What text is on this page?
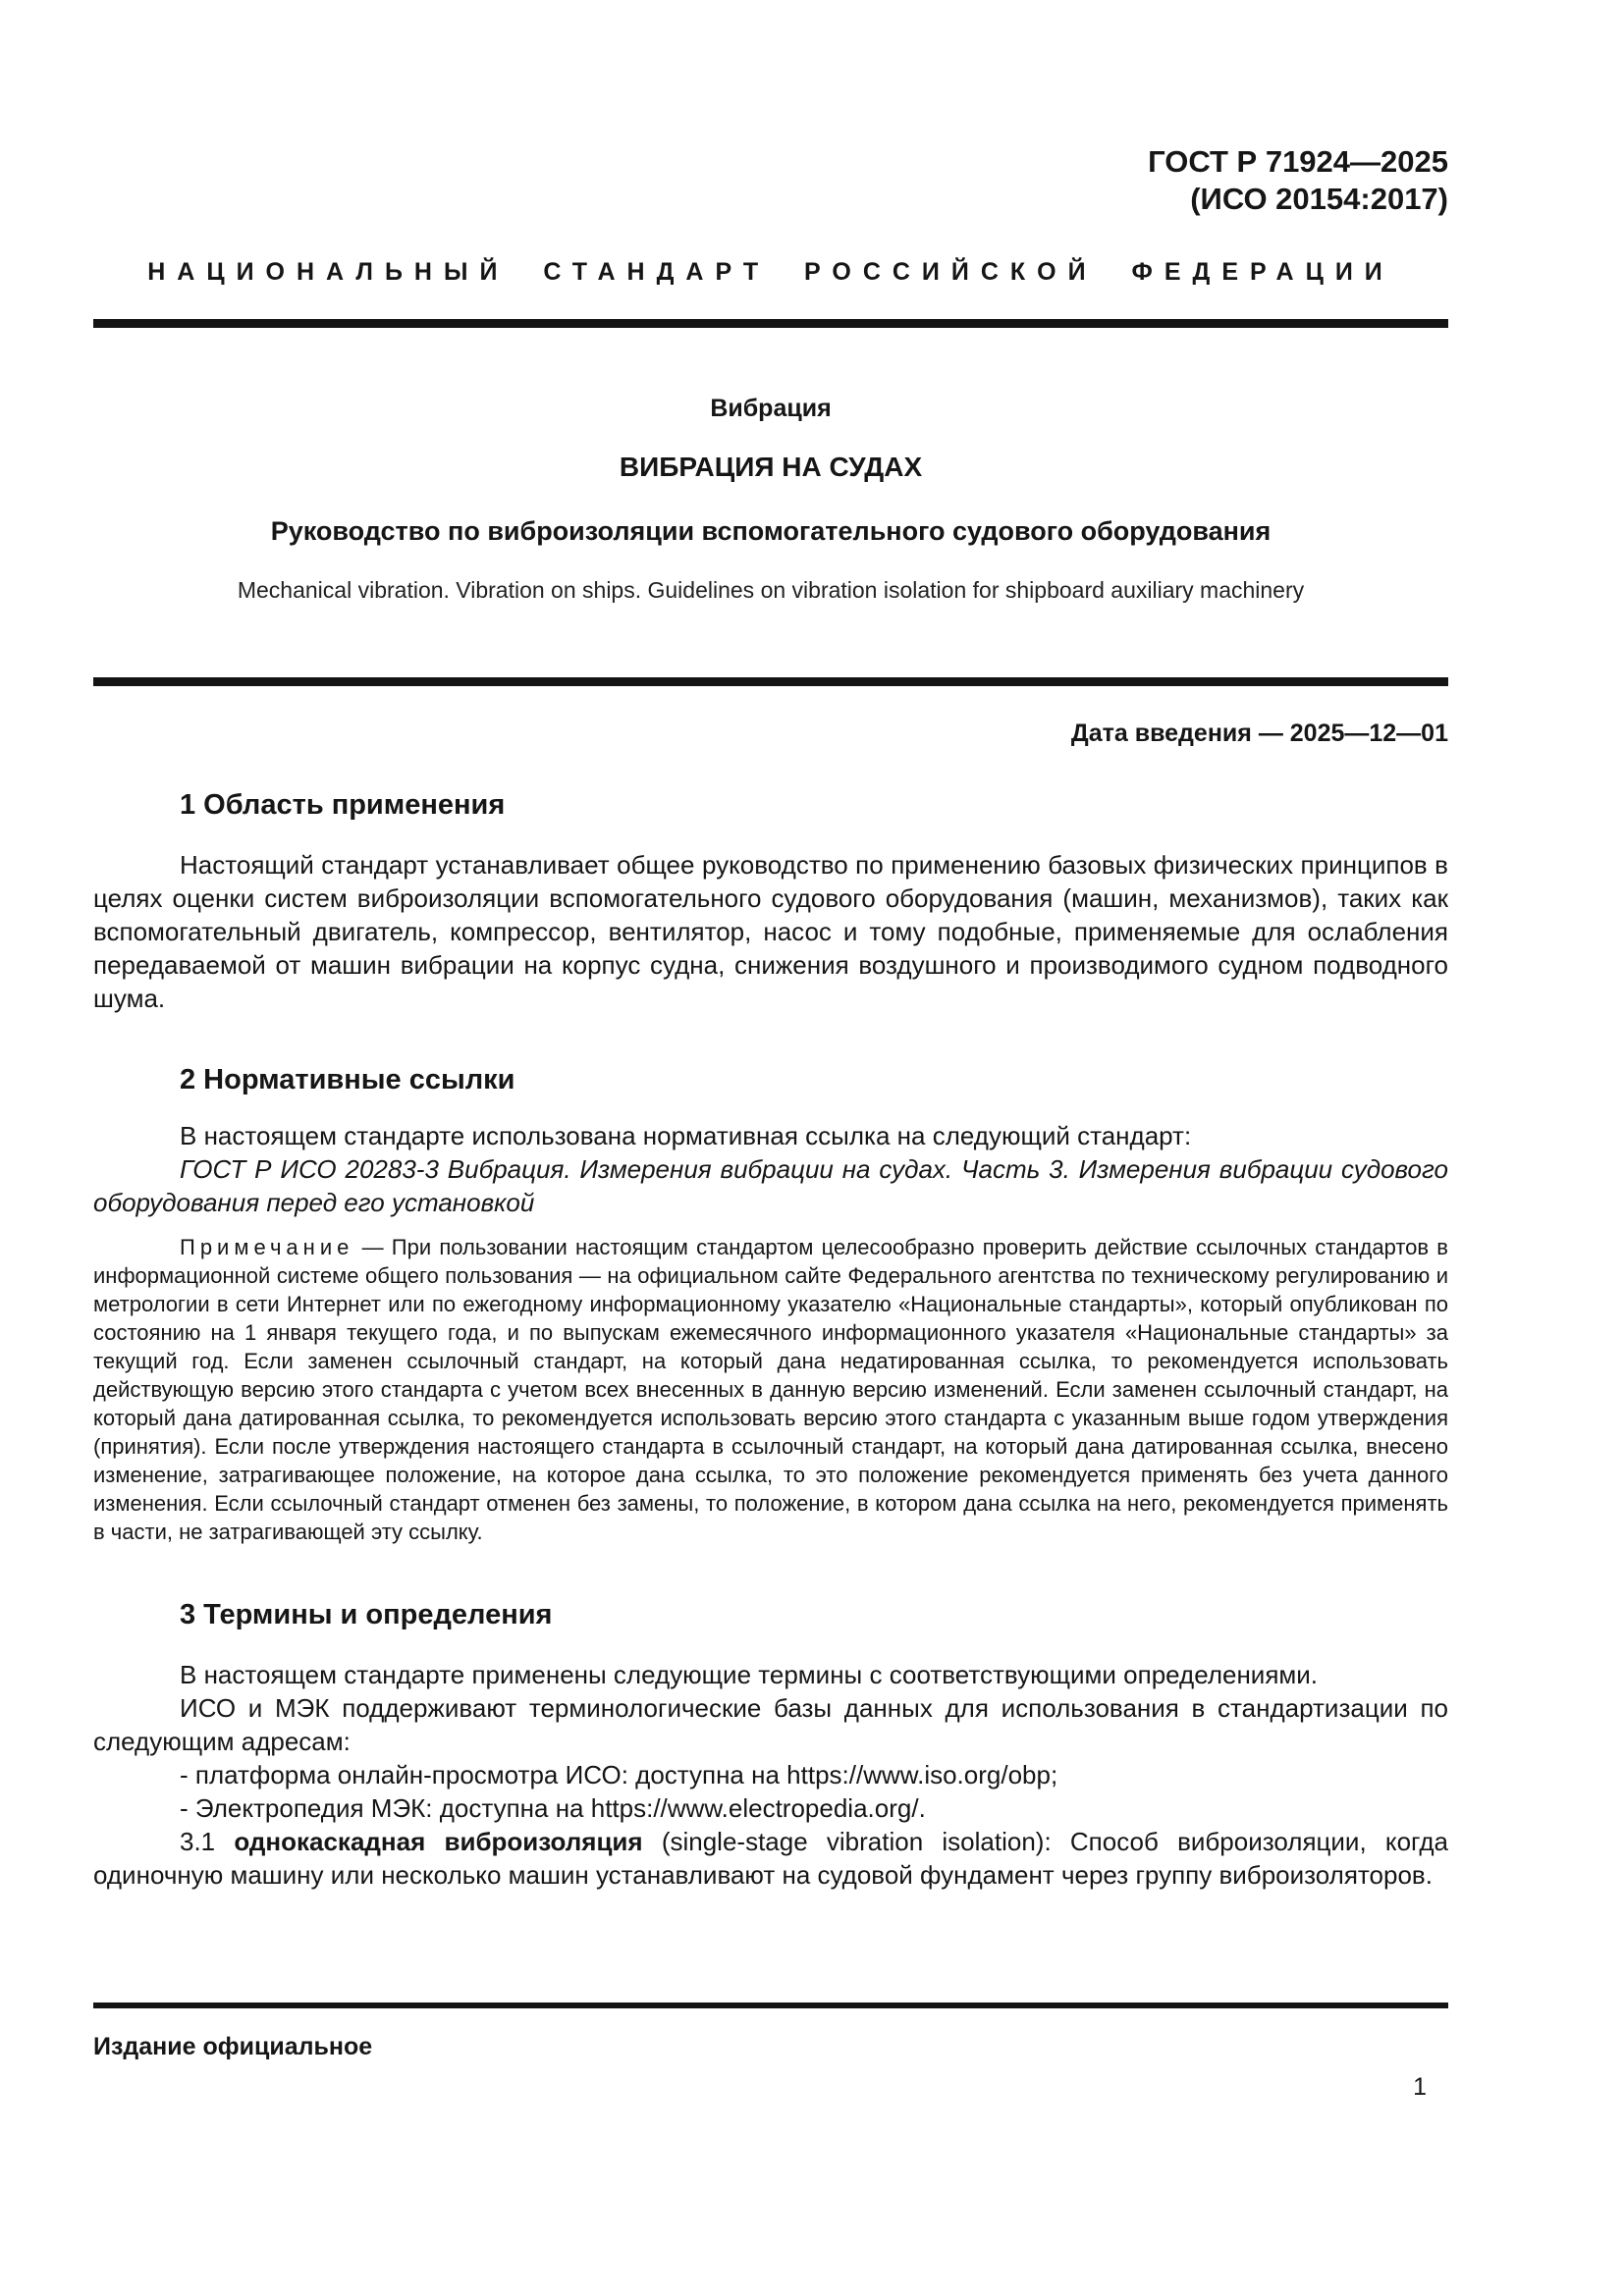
ГОСТ Р 71924—2025
(ИСО 20154:2017)
НАЦИОНАЛЬНЫЙ СТАНДАРТ РОССИЙСКОЙ ФЕДЕРАЦИИ
Вибрация
ВИБРАЦИЯ НА СУДАХ
Руководство по виброизоляции вспомогательного судового оборудования
Mechanical vibration. Vibration on ships. Guidelines on vibration isolation for shipboard auxiliary machinery
Дата введения — 2025—12—01
1 Область применения

Настоящий стандарт устанавливает общее руководство по применению базовых физических принципов в целях оценки систем виброизоляции вспомогательного судового оборудования (машин, механизмов), таких как вспомогательный двигатель, компрессор, вентилятор, насос и тому подобные, применяемые для ослабления передаваемой от машин вибрации на корпус судна, снижения воздушного и производимого судном подводного шума.

2 Нормативные ссылки

В настоящем стандарте использована нормативная ссылка на следующий стандарт:

ГОСТ Р ИСО 20283-3 Вибрация. Измерения вибрации на судах. Часть 3. Измерения вибрации судового оборудования перед его установкой

Примечание — При пользовании настоящим стандартом целесообразно проверить действие ссылочных стандартов в информационной системе общего пользования — на официальном сайте Федерального агентства по техническому регулированию и метрологии в сети Интернет или по ежегодному информационному указателю «Национальные стандарты», который опубликован по состоянию на 1 января текущего года, и по выпускам ежемесячного информационного указателя «Национальные стандарты» за текущий год. Если заменен ссылочный стандарт, на который дана недатированная ссылка, то рекомендуется использовать действующую версию этого стандарта с учетом всех внесенных в данную версию изменений. Если заменен ссылочный стандарт, на который дана датированная ссылка, то рекомендуется использовать версию этого стандарта с указанным выше годом утверждения (принятия). Если после утверждения настоящего стандарта в ссылочный стандарт, на который дана датированная ссылка, внесено изменение, затрагивающее положение, на которое дана ссылка, то это положение рекомендуется применять без учета данного изменения. Если ссылочный стандарт отменен без замены, то положение, в котором дана ссылка на него, рекомендуется применять в части, не затрагивающей эту ссылку.

3 Термины и определения

В настоящем стандарте применены следующие термины с соответствующими определениями.

ИСО и МЭК поддерживают терминологические базы данных для использования в стандартизации по следующим адресам:

- платформа онлайн-просмотра ИСО: доступна на https://www.iso.org/obp;

- Электропедия МЭК: доступна на https://www.electropedia.org/.

3.1 однокаскадная виброизоляция (single-stage vibration isolation): Способ виброизоляции, когда одиночную машину или несколько машин устанавливают на судовой фундамент через группу виброизоляторов.

Издание официальное
1
